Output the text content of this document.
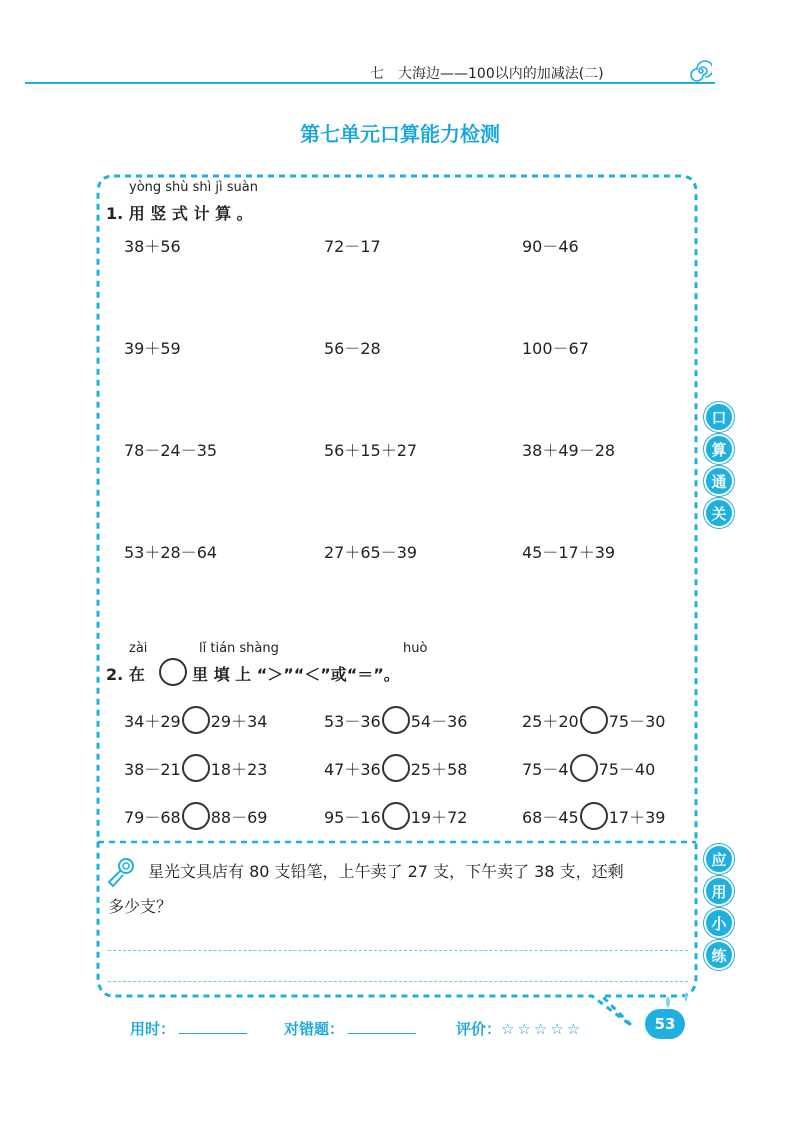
七　大海边——100以内的加减法(二)
第七单元口算能力检测
yòng shù shì jì suàn
1. 用 竖 式 计 算 。
38＋56	72－17	90－46
39＋59	56－28	100－67
78－24－35	56＋15＋27	38＋49－28
53＋28－64	27＋65－39	45－17＋39
zài	lǐ tián shàng	huò
2. 在	里 填 上 “＞”“＜”或“＝”。
34＋29 29＋34	53－36 54－36	25＋20 75－30
38－21 18＋23	47＋36 25＋58	75－4 75－40
79－68 88－69	95－16 19＋72	68－45 17＋39
口
算
通
关
应
用
小
练
星光文具店有 80 支铅笔，上午卖了 27 支，下午卖了 38 支，还剩
多少支？
用时：	对错题：	评价：☆☆☆☆☆	53
